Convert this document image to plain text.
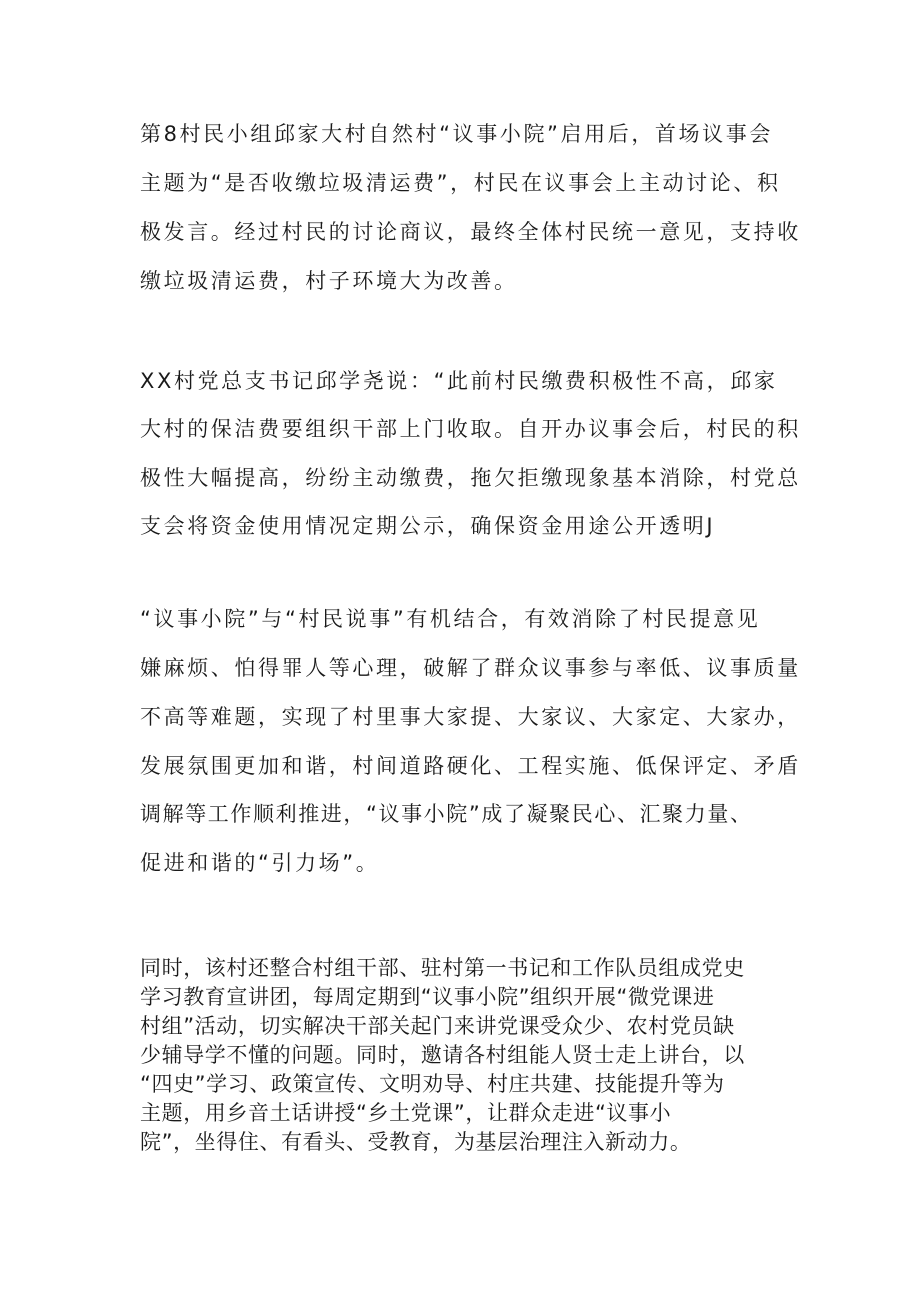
第8村民小组邱家大村自然村“议事小院”启用后，首场议事会

主题为“是否收缴垃圾清运费”，村民在议事会上主动讨论、积

极发言。经过村民的讨论商议，最终全体村民统一意见，支持收

缴垃圾清运费，村子环境大为改善。

XX村党总支书记邱学尧说：“此前村民缴费积极性不高，邱家

大村的保洁费要组织干部上门收取。自开办议事会后，村民的积

极性大幅提高，纷纷主动缴费，拖欠拒缴现象基本消除，村党总

支会将资金使用情况定期公示，确保资金用途公开透明J

“议事小院”与“村民说事”有机结合，有效消除了村民提意见

嫌麻烦、怕得罪人等心理，破解了群众议事参与率低、议事质量

不高等难题，实现了村里事大家提、大家议、大家定、大家办，

发展氛围更加和谐，村间道路硬化、工程实施、低保评定、矛盾

调解等工作顺利推进，“议事小院”成了凝聚民心、汇聚力量、

促进和谐的“引力场”。

同时，该村还整合村组干部、驻村第一书记和工作队员组成党史

学习教育宣讲团，每周定期到“议事小院”组织开展“微党课进

村组”活动，切实解决干部关起门来讲党课受众少、农村党员缺

少辅导学不懂的问题。同时，邀请各村组能人贤士走上讲台，以

“四史”学习、政策宣传、文明劝导、村庄共建、技能提升等为

主题，用乡音土话讲授“乡土党课”，让群众走进“议事小

院”，坐得住、有看头、受教育，为基层治理注入新动力。
